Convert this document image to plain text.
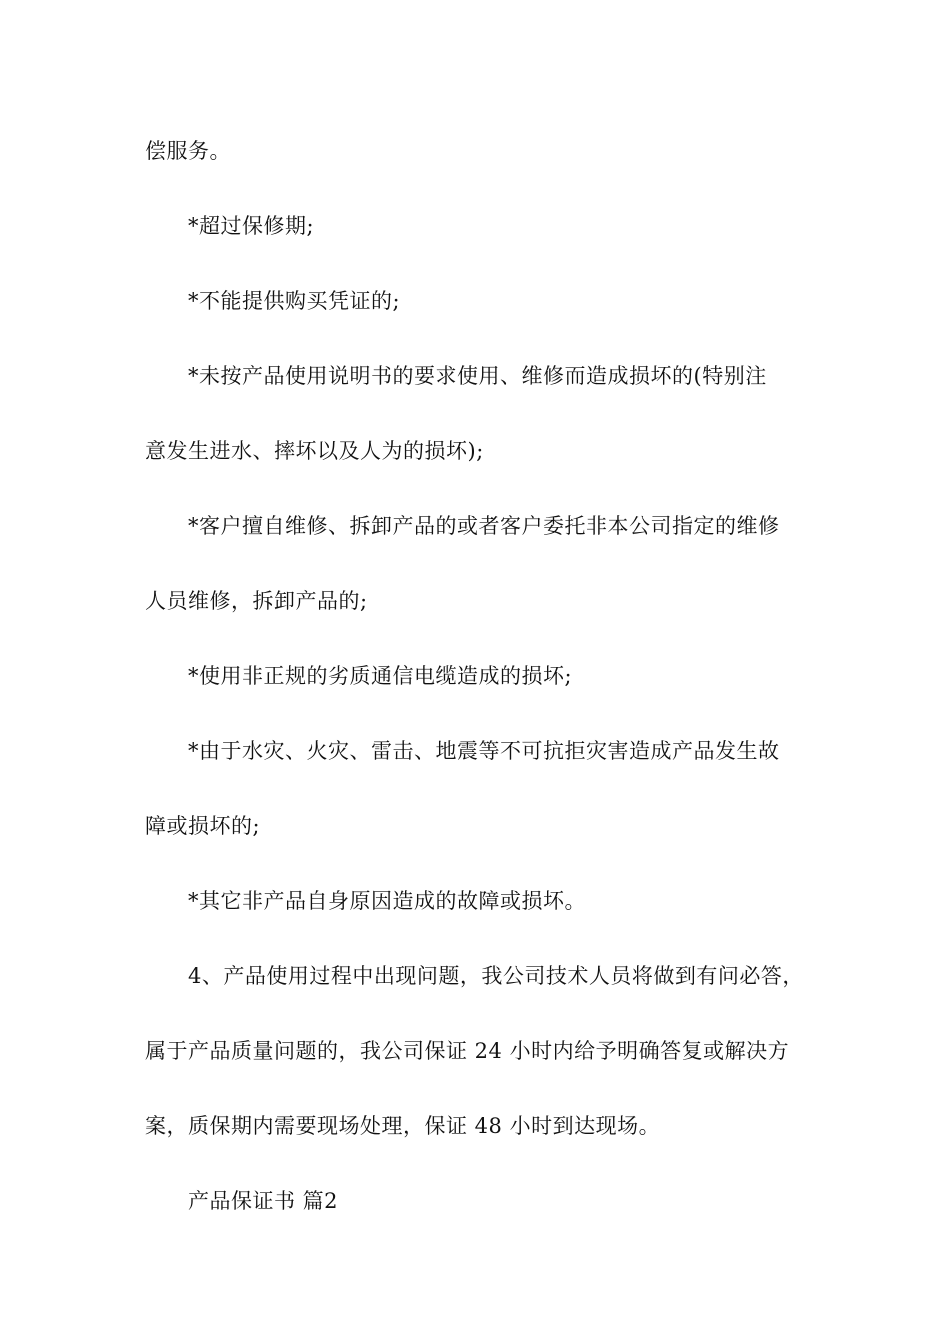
偿服务。
*超过保修期;
*不能提供购买凭证的;
*未按产品使用说明书的要求使用、维修而造成损坏的(特别注
意发生进水、摔坏以及人为的损坏);
*客户擅自维修、拆卸产品的或者客户委托非本公司指定的维修
人员维修，拆卸产品的;
*使用非正规的劣质通信电缆造成的损坏;
*由于水灾、火灾、雷击、地震等不可抗拒灾害造成产品发生故
障或损坏的;
*其它非产品自身原因造成的故障或损坏。
4、产品使用过程中出现问题，我公司技术人员将做到有问必答，
属于产品质量问题的，我公司保证 24 小时内给予明确答复或解决方
案，质保期内需要现场处理，保证 48 小时到达现场。
产品保证书 篇2
